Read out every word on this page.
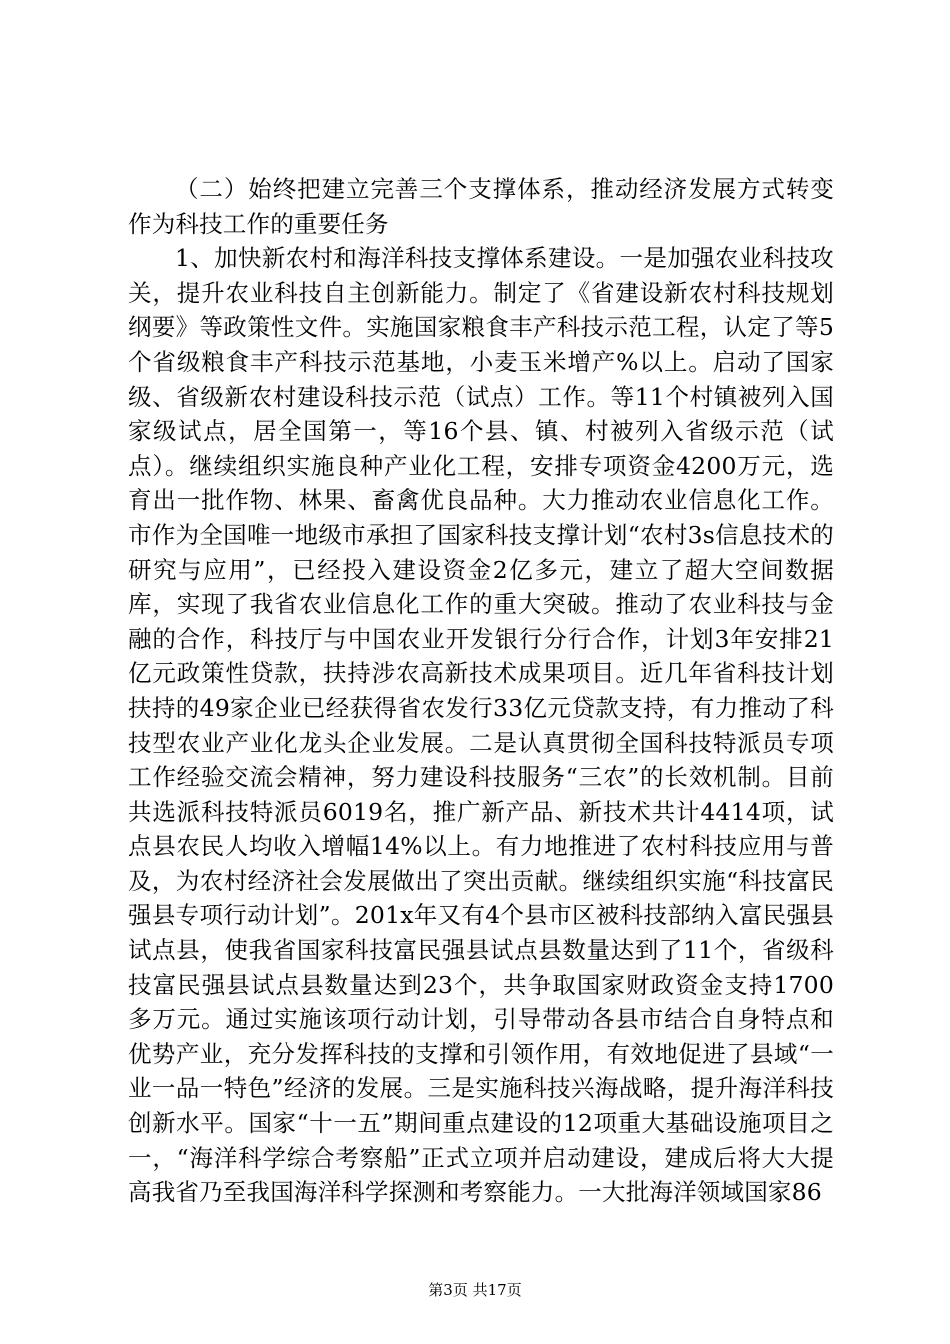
（二）始终把建立完善三个支撑体系，推动经济发展方式转变作为科技工作的重要任务

1、加快新农村和海洋科技支撑体系建设。一是加强农业科技攻关，提升农业科技自主创新能力。制定了《省建设新农村科技规划纲要》等政策性文件。实施国家粮食丰产科技示范工程，认定了等5个省级粮食丰产科技示范基地，小麦玉米增产%以上。启动了国家级、省级新农村建设科技示范（试点）工作。等11个村镇被列入国家级试点，居全国第一，等16个县、镇、村被列入省级示范（试点）。继续组织实施良种产业化工程，安排专项资金4200万元，选育出一批作物、林果、畜禽优良品种。大力推动农业信息化工作。市作为全国唯一地级市承担了国家科技支撑计划“农村3s信息技术的研究与应用”，已经投入建设资金2亿多元，建立了超大空间数据库，实现了我省农业信息化工作的重大突破。推动了农业科技与金融的合作，科技厅与中国农业开发银行分行合作，计划3年安排21亿元政策性贷款，扶持涉农高新技术成果项目。近几年省科技计划扶持的49家企业已经获得省农发行33亿元贷款支持，有力推动了科技型农业产业化龙头企业发展。二是认真贯彻全国科技特派员专项工作经验交流会精神，努力建设科技服务“三农”的长效机制。目前共选派科技特派员6019名，推广新产品、新技术共计4414项，试点县农民人均收入增幅14%以上。有力地推进了农村科技应用与普及，为农村经济社会发展做出了突出贡献。继续组织实施“科技富民强县专项行动计划”。201x年又有4个县市区被科技部纳入富民强县试点县，使我省国家科技富民强县试点县数量达到了11个，省级科技富民强县试点县数量达到23个，共争取国家财政资金支持1700多万元。通过实施该项行动计划，引导带动各县市结合自身特点和优势产业，充分发挥科技的支撑和引领作用，有效地促进了县域“一业一品一特色”经济的发展。三是实施科技兴海战略，提升海洋科技创新水平。国家“十一五”期间重点建设的12项重大基础设施项目之一，“海洋科学综合考察船”正式立项并启动建设，建成后将大大提高我省乃至我国海洋科学探测和考察能力。一大批海洋领域国家86

第3页 共17页
